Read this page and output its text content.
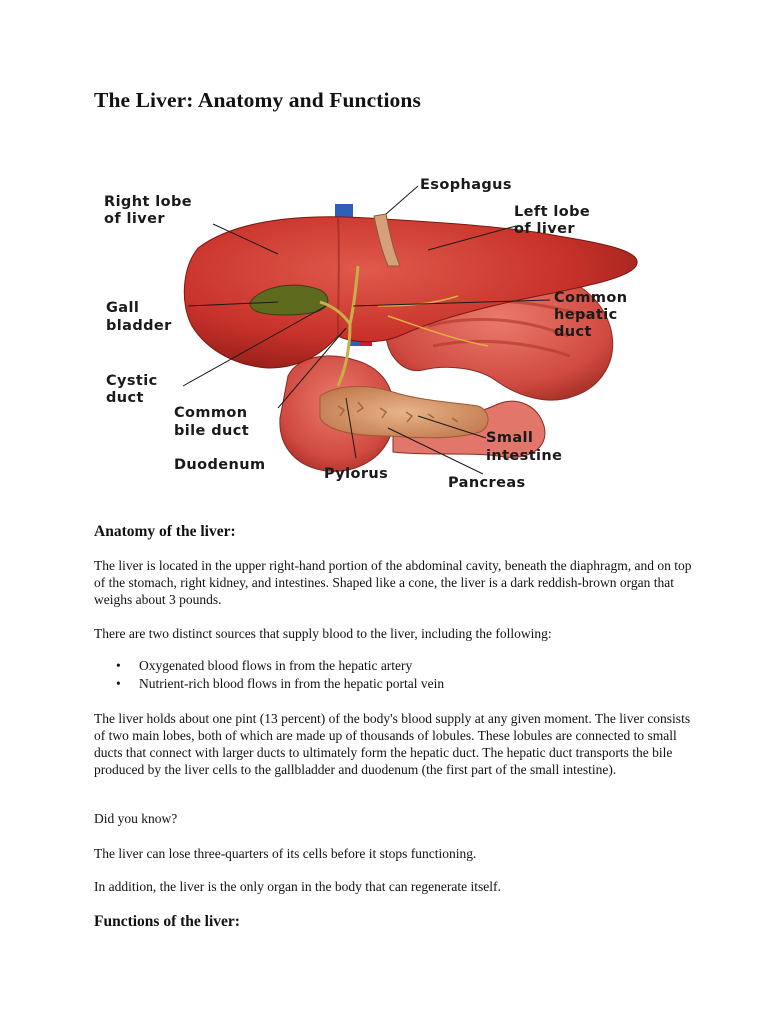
The Liver: Anatomy and Functions
Esophagus
Right lobe
of liver	Left lobe
of liver
Gall
bladder
Common
hepatic
duct
Cystic
duct
Common
bile duct
Duodenum
Pylorus
Small
intestine
Pancreas
Anatomy of the liver:

The liver is located in the upper right-hand portion of the abdominal cavity, beneath the diaphragm, and on top of the stomach, right kidney, and intestines. Shaped like a cone, the liver is a dark reddish-brown organ that weighs about 3 pounds.

There are two distinct sources that supply blood to the liver, including the following:

• Oxygenated blood flows in from the hepatic artery
• Nutrient-rich blood flows in from the hepatic portal vein

The liver holds about one pint (13 percent) of the body's blood supply at any given moment. The liver consists of two main lobes, both of which are made up of thousands of lobules. These lobules are connected to small ducts that connect with larger ducts to ultimately form the hepatic duct. The hepatic duct transports the bile produced by the liver cells to the gallbladder and duodenum (the first part of the small intestine).

Did you know?

The liver can lose three-quarters of its cells before it stops functioning.

In addition, the liver is the only organ in the body that can regenerate itself.

Functions of the liver:
